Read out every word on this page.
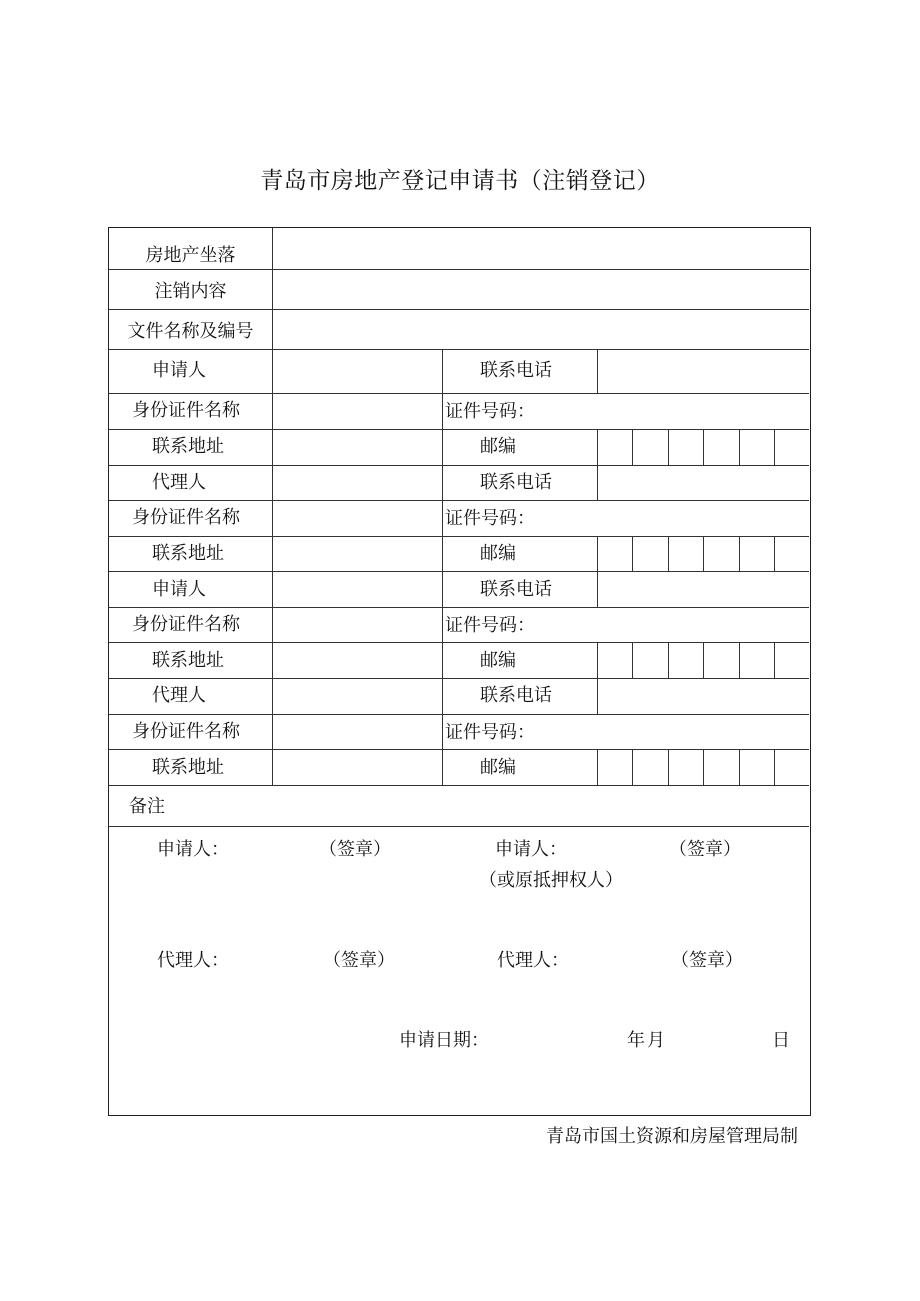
青岛市房地产登记申请书（注销登记）
房地产坐落
注销内容
文件名称及编号
申请人	联系电话
身份证件名称	证件号码：
联系地址	邮编
代理人	联系电话
身份证件名称	证件号码：
联系地址	邮编
申请人	联系电话
身份证件名称	证件号码：
联系地址	邮编
代理人	联系电话
身份证件名称	证件号码：
联系地址	邮编
备注
申请人：	（签章）	申请人：	（签章）
（或原抵押权人）
代理人：	（签章）	代理人：	（签章）
申请日期：	年 月	日
青岛市国土资源和房屋管理局制
